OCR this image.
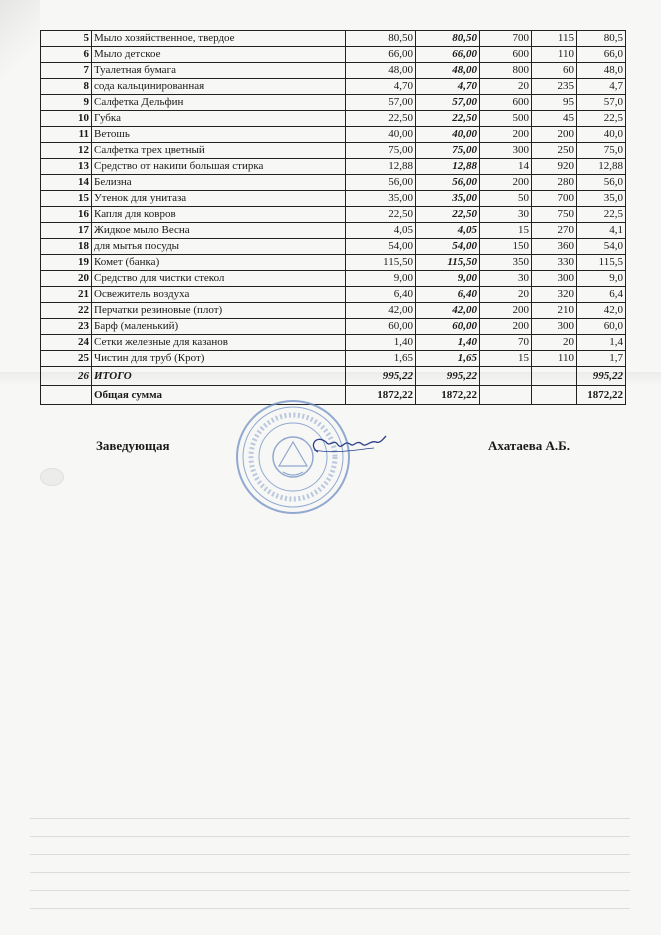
5	Мыло хозяйственное, твердое	80,50	80,50	700	115	80,5
6	Мыло детское	66,00	66,00	600	110	66,0
7	Туалетная бумага	48,00	48,00	800	60	48,0
8	сода кальцинированная	4,70	4,70	20	235	4,7
9	Салфетка Дельфин	57,00	57,00	600	95	57,0
10	Губка	22,50	22,50	500	45	22,5
11	Ветошь	40,00	40,00	200	200	40,0
12	Салфетка трех цветный	75,00	75,00	300	250	75,0
13	Средство от накипи большая стирка	12,88	12,88	14	920	12,88
14	Белизна	56,00	56,00	200	280	56,0
15	Утенок для унитаза	35,00	35,00	50	700	35,0
16	Капля для ковров	22,50	22,50	30	750	22,5
17	Жидкое мыло Весна	4,05	4,05	15	270	4,1
18	для мытья посуды	54,00	54,00	150	360	54,0
19	Комет (банка)	115,50	115,50	350	330	115,5
20	Средство для чистки стекол	9,00	9,00	30	300	9,0
21	Освежитель воздуха	6,40	6,40	20	320	6,4
22	Перчатки резиновые (плот)	42,00	42,00	200	210	42,0
23	Барф (маленький)	60,00	60,00	200	300	60,0
24	Сетки железные для казанов	1,40	1,40	70	20	1,4
25	Чистин для труб (Крот)	1,65	1,65	15	110	1,7
26	ИТОГО	995,22	995,22			995,22
	Общая сумма	1872,22	1872,22			1872,22
Заведующая	Ахатаева А.Б.
